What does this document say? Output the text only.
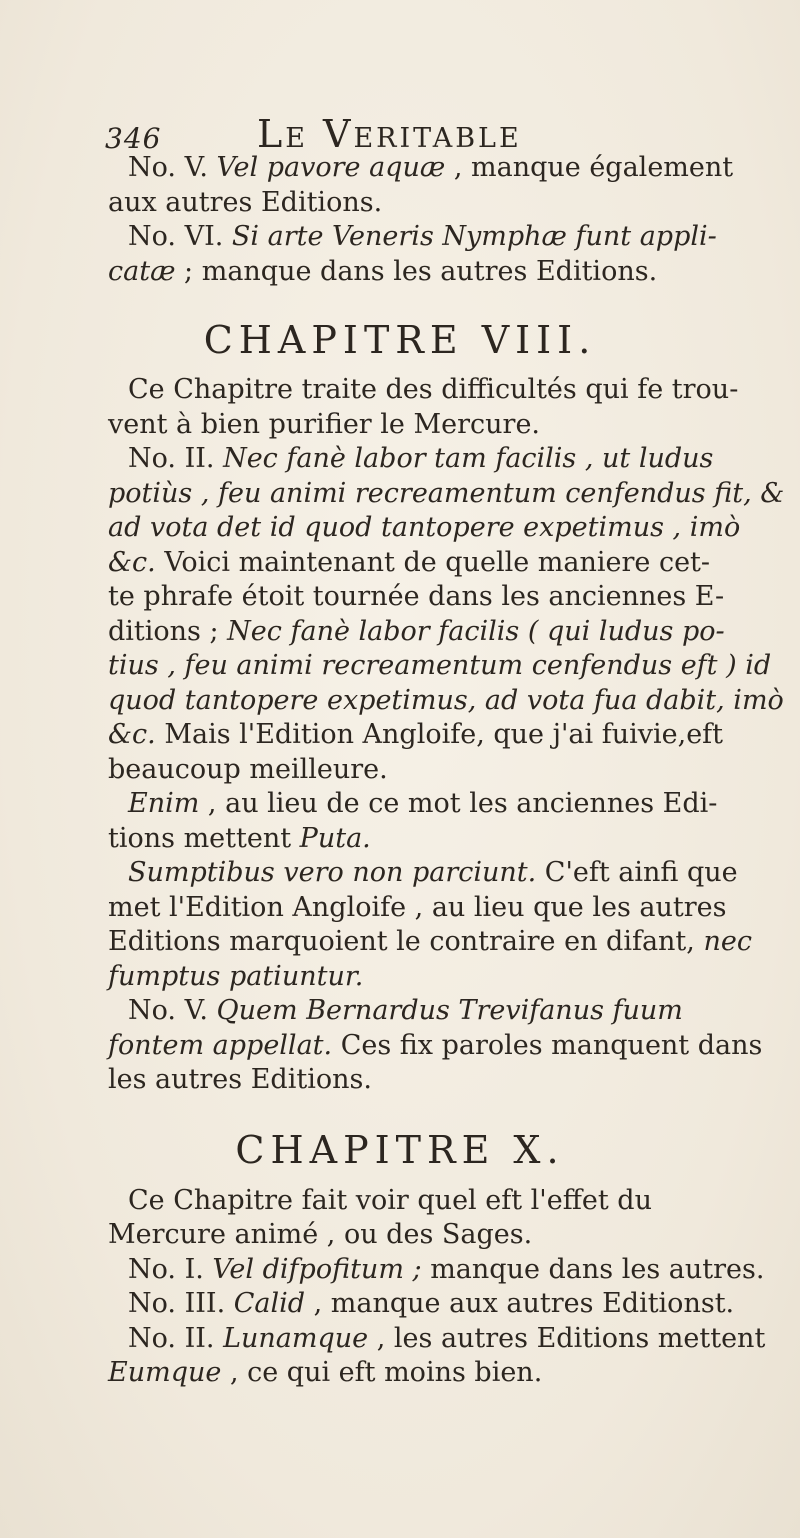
346	Le Veritable
No. V. Vel pavore aquæ , manque également
aux autres Editions.
No. VI. Si arte Veneris Nymphæ funt appli-
catæ ; manque dans les autres Editions.
CHAPITRE VIII.
Ce Chapitre traite des difficultés qui fe trou-
vent à bien purifier le Mercure.
No. II. Nec fanè labor tam facilis , ut ludus
potiùs , feu animi recreamentum cenfendus fit, &
ad vota det id quod tantopere expetimus , imò
&c. Voici maintenant de quelle maniere cet-
te phrafe étoit tournée dans les anciennes E-
ditions ; Nec fanè labor facilis ( qui ludus po-
tius , feu animi recreamentum cenfendus eft ) id
quod tantopere expetimus, ad vota fua dabit, imò
&c. Mais l'Edition Angloife, que j'ai fuivie,eft
beaucoup meilleure.
Enim , au lieu de ce mot les anciennes Edi-
tions mettent Puta.
Sumptibus vero non parciunt. C'eft ainfi que
met l'Edition Angloife , au lieu que les autres
Editions marquoient le contraire en difant, nec
fumptus patiuntur.
No. V. Quem Bernardus Trevifanus fuum
fontem appellat. Ces fix paroles manquent dans
les autres Editions.
CHAPITRE X.
Ce Chapitre fait voir quel eft l'effet du
Mercure animé , ou des Sages.
No. I. Vel difpofitum ; manque dans les autres.
No. III. Calid , manque aux autres Editionst.
No. II. Lunamque , les autres Editions mettent
Eumque , ce qui eft moins bien.
